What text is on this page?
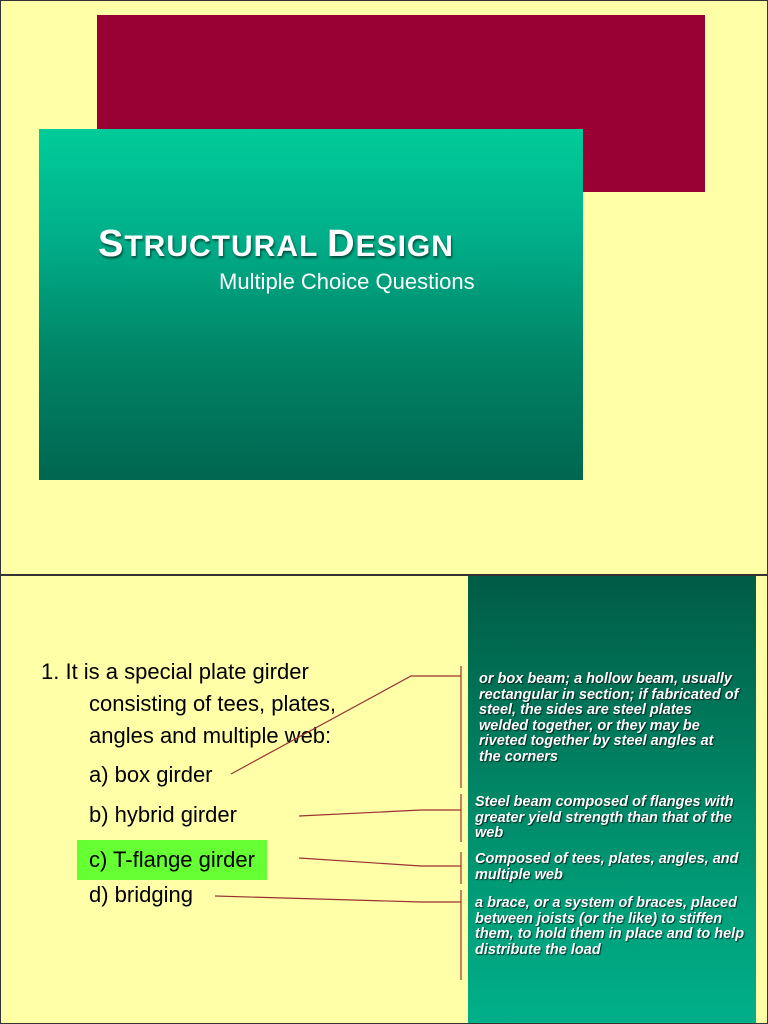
STRUCTURAL DESIGN
Multiple Choice Questions
1. It is a special plate girder
consisting of tees, plates,
angles and multiple web:
a) box girder
b) hybrid girder
c) T-flange girder
d) bridging
or box beam; a hollow beam, usually rectangular in section; if fabricated of steel, the sides are steel plates welded together, or they may be riveted together by steel angles at the corners
Steel beam composed of flanges with greater yield strength than that of the web
Composed of tees, plates, angles, and multiple web
a brace, or a system of braces, placed between joists (or the like) to stiffen them, to hold them in place and to help distribute the load
